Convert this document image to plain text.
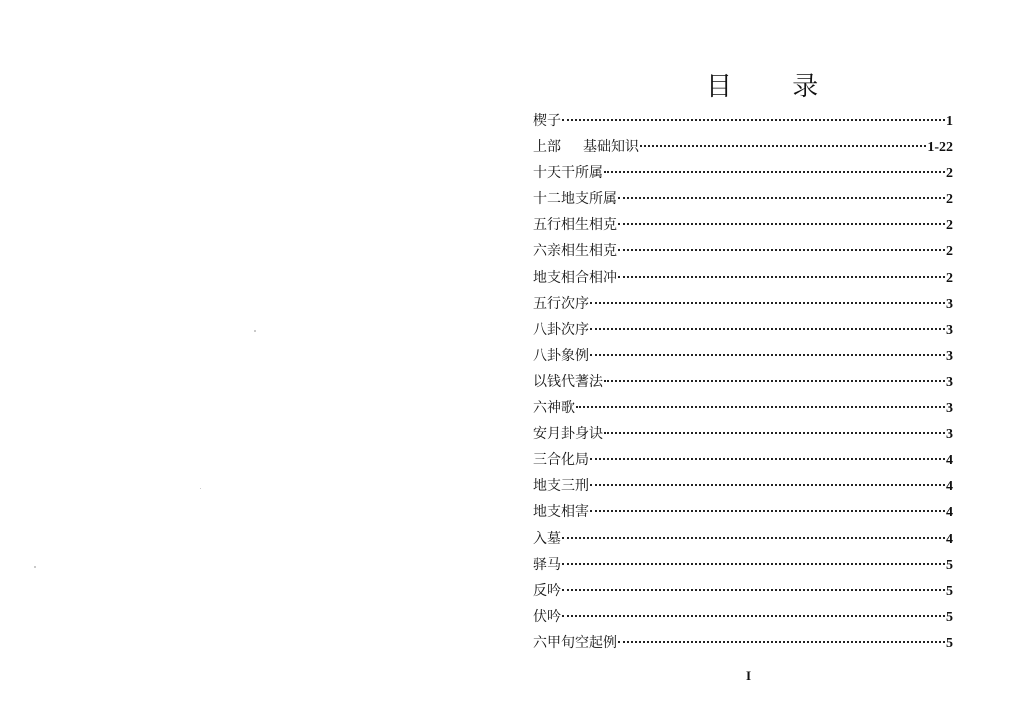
目 录
楔子	1
上部 基础知识	1-22
十天干所属	2
十二地支所属	2
五行相生相克	2
六亲相生相克	2
地支相合相冲	2
五行次序	3
八卦次序	3
八卦象例	3
以钱代蓍法	3
六神歌	3
安月卦身诀	3
三合化局	4
地支三刑	4
地支相害	4
入墓	4
驿马	5
反吟	5
伏吟	5
六甲旬空起例	5
I
